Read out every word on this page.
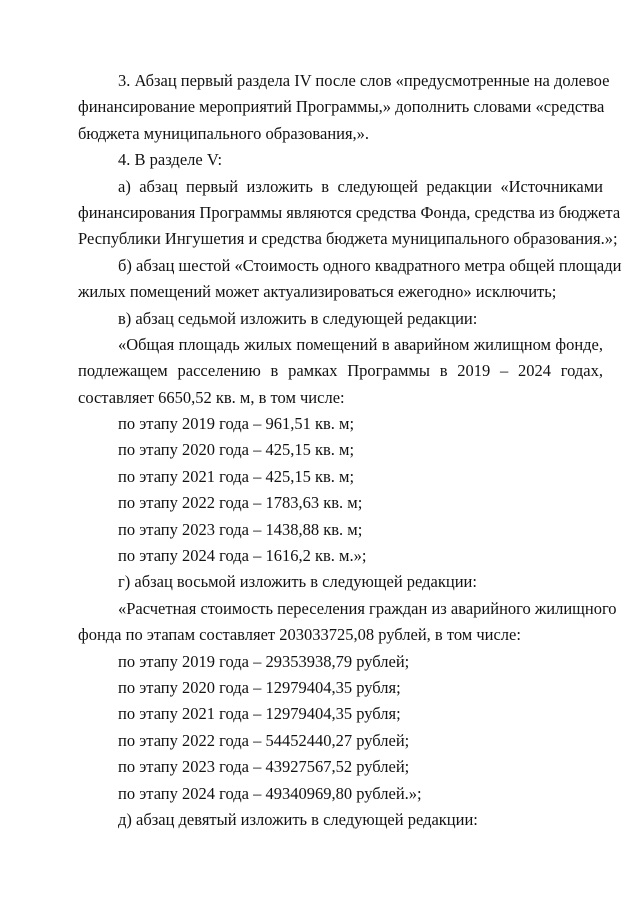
3. Абзац первый раздела IV после слов «предусмотренные на долевое
финансирование мероприятий Программы,» дополнить словами «средства
бюджета муниципального образования,».
4. В разделе V:
а) абзац первый изложить в следующей редакции «Источниками
финансирования Программы являются средства Фонда, средства из бюджета
Республики Ингушетия и средства бюджета муниципального образования.»;
б) абзац шестой «Стоимость одного квадратного метра общей площади
жилых помещений может актуализироваться ежегодно» исключить;
в) абзац седьмой изложить в следующей редакции:
«Общая площадь жилых помещений в аварийном жилищном фонде,
подлежащем расселению в рамках Программы в 2019 – 2024 годах,
составляет 6650,52 кв. м, в том числе:
по этапу 2019 года – 961,51 кв. м;
по этапу 2020 года – 425,15 кв. м;
по этапу 2021 года – 425,15 кв. м;
по этапу 2022 года – 1783,63 кв. м;
по этапу 2023 года – 1438,88 кв. м;
по этапу 2024 года – 1616,2 кв. м.»;
г) абзац восьмой изложить в следующей редакции:
«Расчетная стоимость переселения граждан из аварийного жилищного
фонда по этапам составляет 203033725,08 рублей, в том числе:
по этапу 2019 года – 29353938,79 рублей;
по этапу 2020 года – 12979404,35 рубля;
по этапу 2021 года – 12979404,35 рубля;
по этапу 2022 года – 54452440,27 рублей;
по этапу 2023 года – 43927567,52 рублей;
по этапу 2024 года – 49340969,80 рублей.»;
д) абзац девятый изложить в следующей редакции:
